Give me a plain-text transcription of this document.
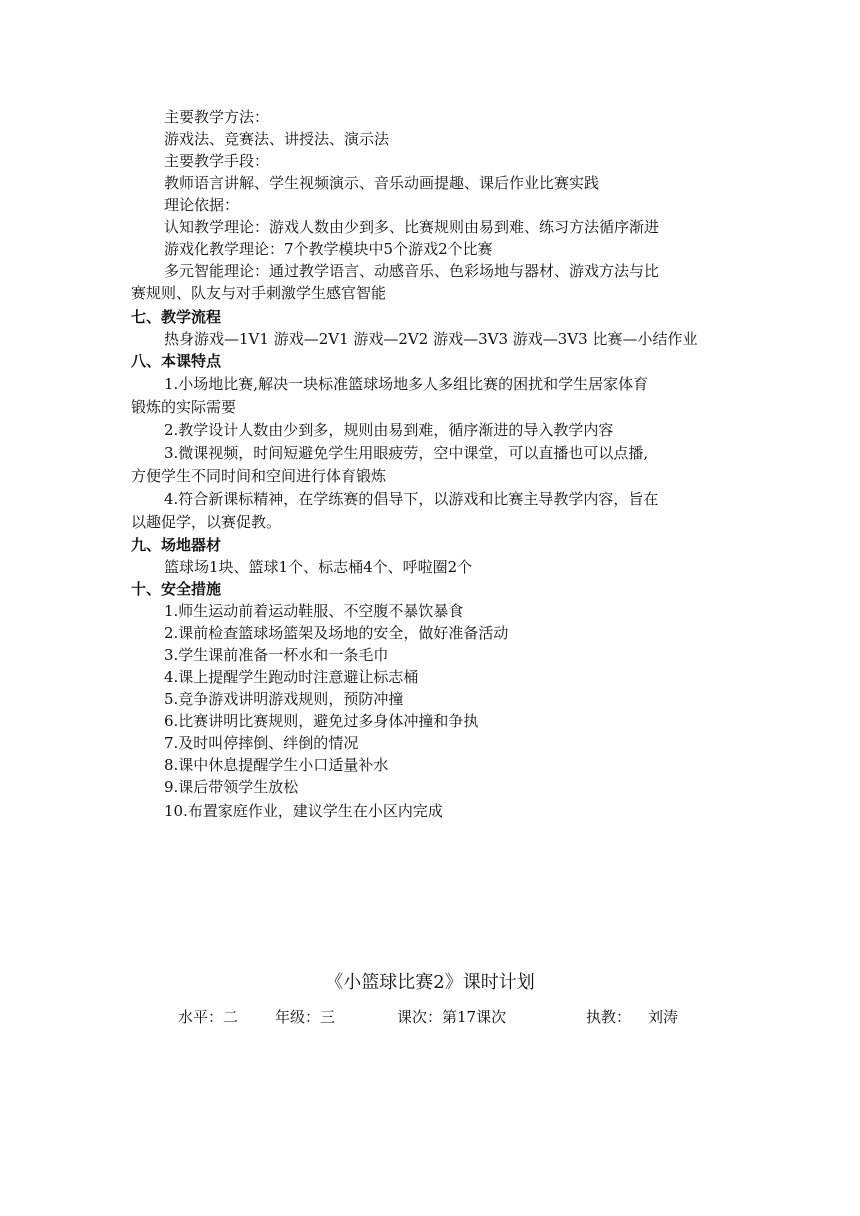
主要教学方法：
游戏法、竞赛法、讲授法、演示法
主要教学手段：
教师语言讲解、学生视频演示、音乐动画提趣、课后作业比赛实践
理论依据：
认知教学理论：游戏人数由少到多、比赛规则由易到难、练习方法循序渐进
游戏化教学理论：7个教学模块中5个游戏2个比赛
多元智能理论：通过教学语言、动感音乐、色彩场地与器材、游戏方法与比
赛规则、队友与对手刺激学生感官智能
七、教学流程
热身游戏—1V1 游戏—2V1 游戏—2V2 游戏—3V3 游戏—3V3 比赛—小结作业
八、本课特点
1.小场地比赛,解决一块标准篮球场地多人多组比赛的困扰和学生居家体育
锻炼的实际需要
2.教学设计人数由少到多，规则由易到难，循序渐进的导入教学内容
3.微课视频，时间短避免学生用眼疲劳，空中课堂，可以直播也可以点播,
方便学生不同时间和空间进行体育锻炼
4.符合新课标精神，在学练赛的倡导下，以游戏和比赛主导教学内容，旨在
以趣促学，以赛促教。
九、场地器材
篮球场1块、篮球1个、标志桶4个、呼啦圈2个
十、安全措施
1.师生运动前着运动鞋服、不空腹不暴饮暴食
2.课前检查篮球场篮架及场地的安全，做好准备活动
3.学生课前准备一杯水和一条毛巾
4.课上提醒学生跑动时注意避让标志桶
5.竞争游戏讲明游戏规则，预防冲撞
6.比赛讲明比赛规则，避免过多身体冲撞和争执
7.及时叫停摔倒、绊倒的情况
8.课中休息提醒学生小口适量补水
9.课后带领学生放松
10.布置家庭作业，建议学生在小区内完成
《小篮球比赛2》课时计划
水平：二 年级：三	课次：第17课次	执教： 刘涛
